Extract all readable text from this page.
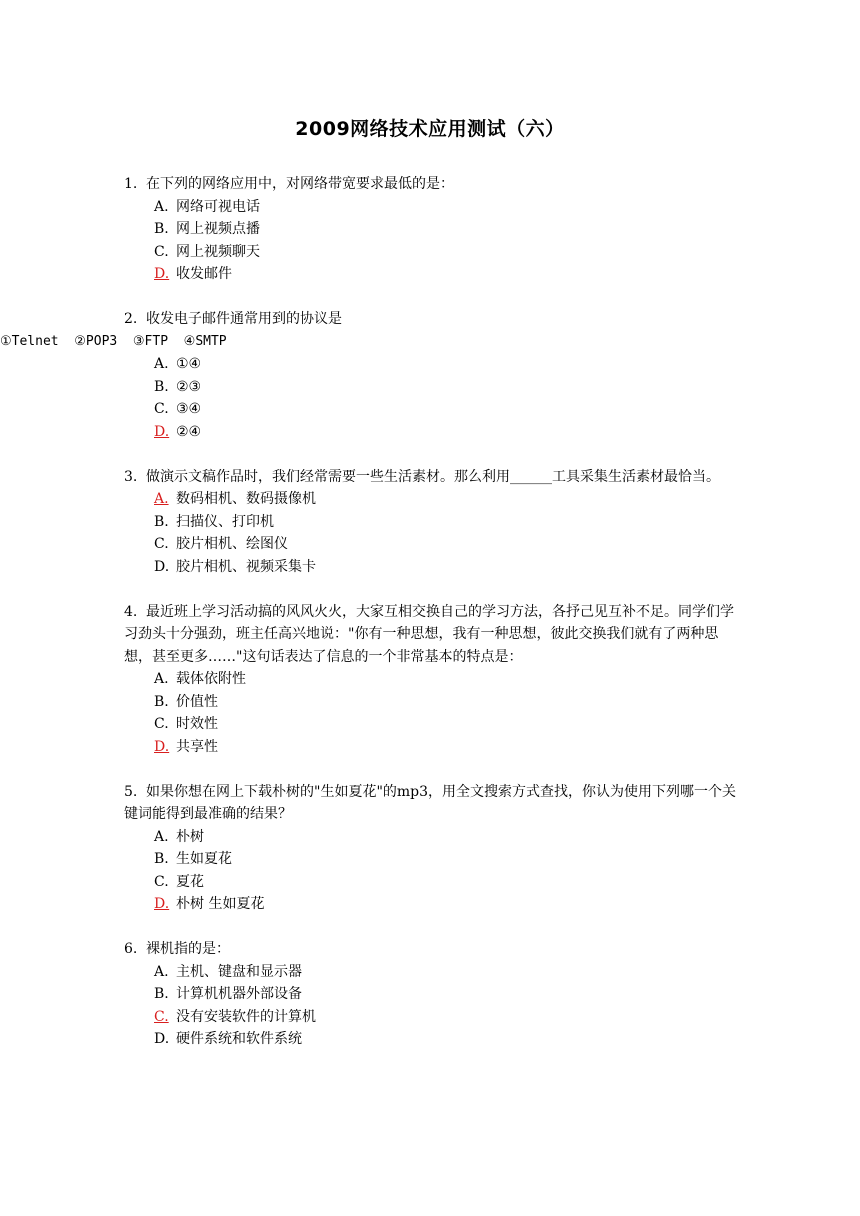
2009网络技术应用测试（六）
1. 在下列的网络应用中，对网络带宽要求最低的是：
A. 网络可视电话
B. 网上视频点播
C. 网上视频聊天
D. 收发邮件
2. 收发电子邮件通常用到的协议是
①Telnet  ②POP3  ③FTP  ④SMTP
A. ①④
B. ②③
C. ③④
D. ②④
3. 做演示文稿作品时，我们经常需要一些生活素材。那么利用______工具采集生活素材最恰当。
A. 数码相机、数码摄像机
B. 扫描仪、打印机
C. 胶片相机、绘图仪
D. 胶片相机、视频采集卡
4. 最近班上学习活动搞的风风火火，大家互相交换自己的学习方法，各抒己见互补不足。同学们学习劲头十分强劲，班主任高兴地说："你有一种思想，我有一种思想，彼此交换我们就有了两种思想，甚至更多……"这句话表达了信息的一个非常基本的特点是：
A. 载体依附性
B. 价值性
C. 时效性
D. 共享性
5. 如果你想在网上下载朴树的"生如夏花"的mp3，用全文搜索方式查找，你认为使用下列哪一个关键词能得到最准确的结果？
A. 朴树
B. 生如夏花
C. 夏花
D. 朴树 生如夏花
6. 裸机指的是：
A. 主机、键盘和显示器
B. 计算机机器外部设备
C. 没有安装软件的计算机
D. 硬件系统和软件系统
